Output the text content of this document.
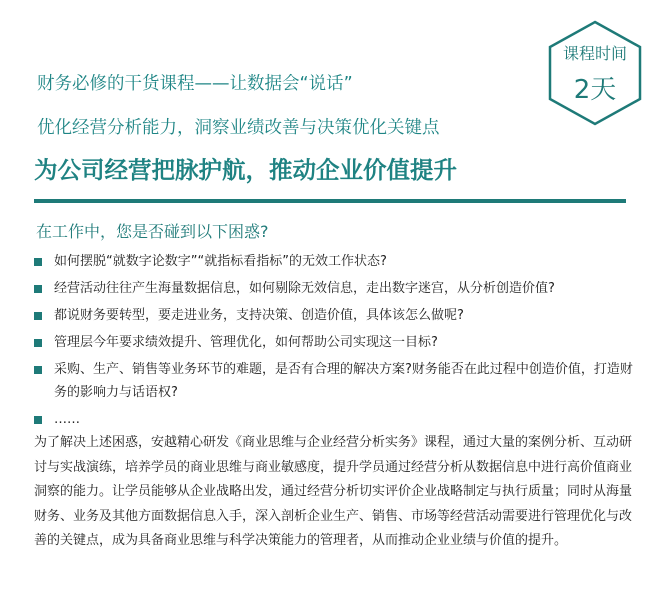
课程时间
2天
财务必修的干货课程——让数据会“说话”
优化经营分析能力，洞察业绩改善与决策优化关键点
为公司经营把脉护航，推动企业价值提升
在工作中，您是否碰到以下困惑?
如何摆脱“就数字论数字”“就指标看指标”的无效工作状态?
经营活动往往产生海量数据信息，如何剔除无效信息，走出数字迷宫，从分析创造价值?
都说财务要转型，要走进业务，支持决策、创造价值，具体该怎么做呢?
管理层今年要求绩效提升、管理优化，如何帮助公司实现这一目标?
采购、生产、销售等业务环节的难题，是否有合理的解决方案?财务能否在此过程中创造价值，打造财务的影响力与话语权?
……

为了解决上述困惑，安越精心研发《商业思维与企业经营分析实务》课程，通过大量的案例分析、互动研讨与实战演练，培养学员的商业思维与商业敏感度，提升学员通过经营分析从数据信息中进行高价值商业洞察的能力。让学员能够从企业战略出发，通过经营分析切实评价企业战略制定与执行质量；同时从海量财务、业务及其他方面数据信息入手，深入剖析企业生产、销售、市场等经营活动需要进行管理优化与改善的关键点，成为具备商业思维与科学决策能力的管理者，从而推动企业业绩与价值的提升。
